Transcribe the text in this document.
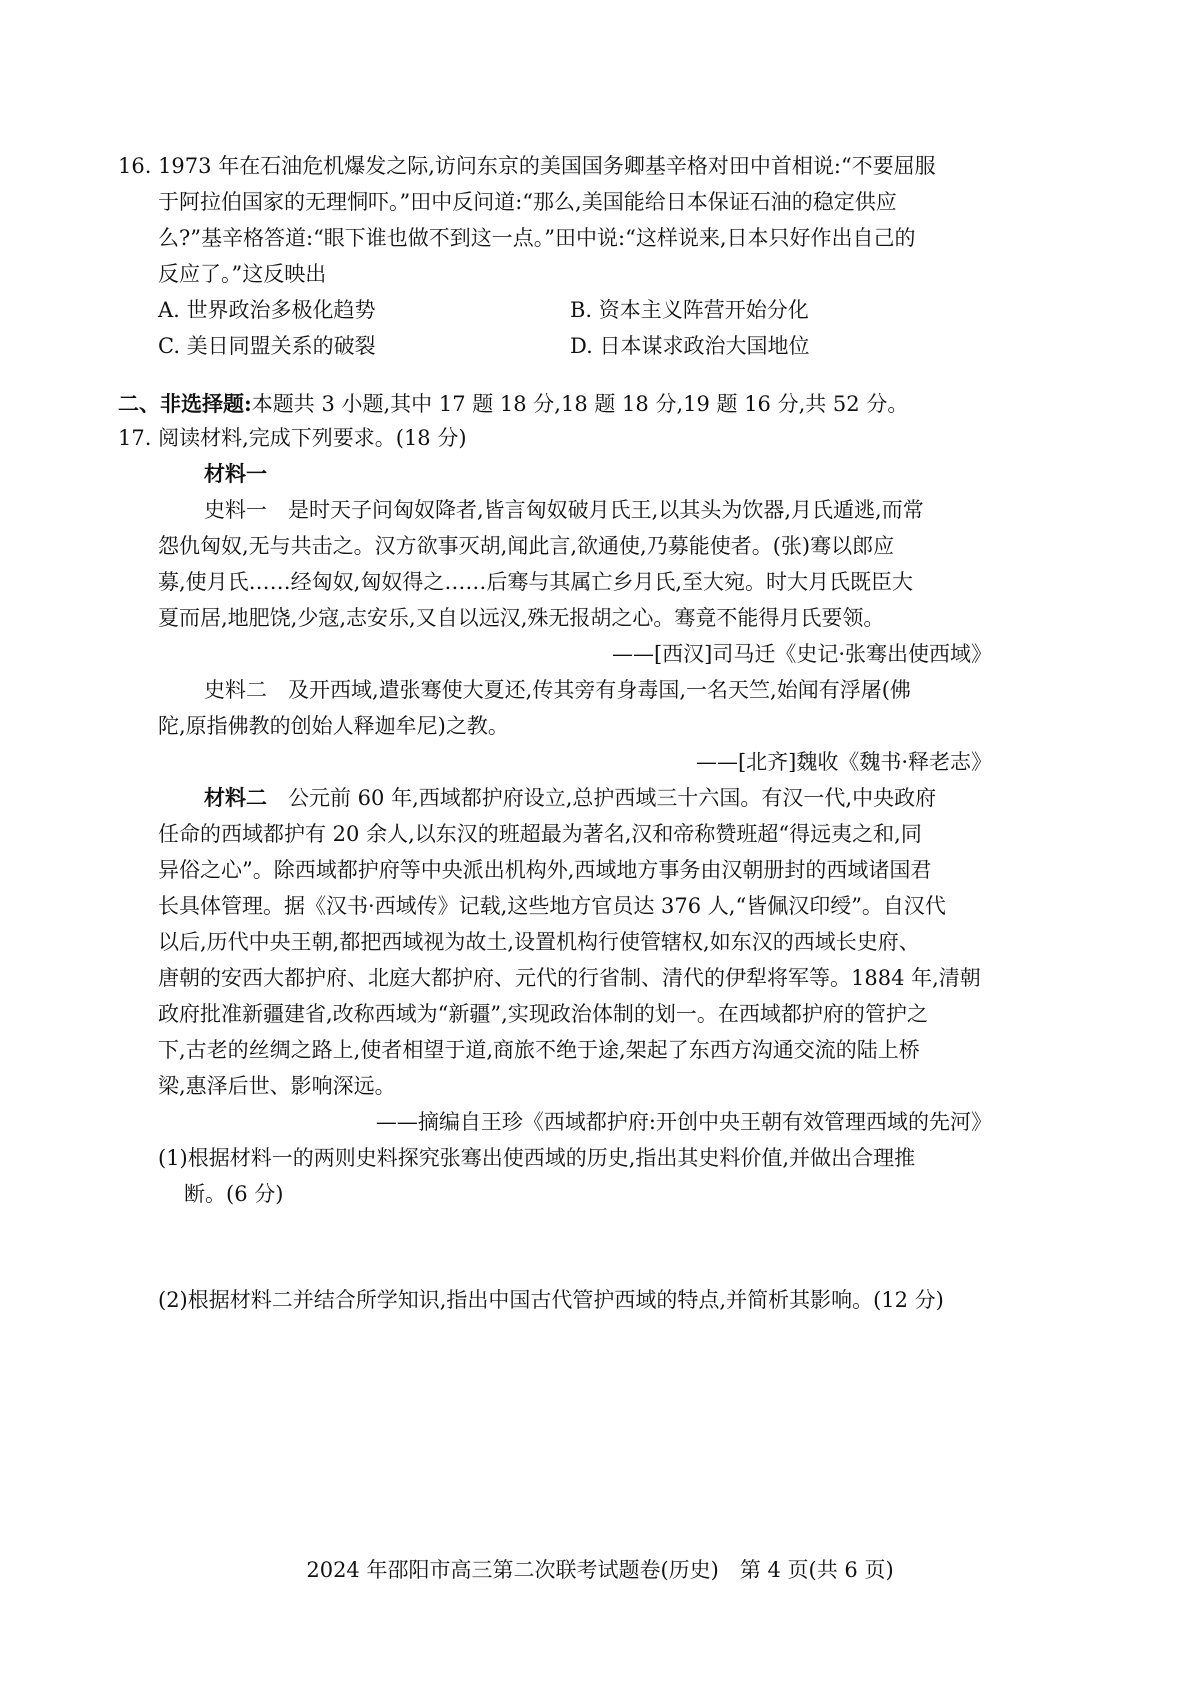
16. 1973 年在石油危机爆发之际,访问东京的美国国务卿基辛格对田中首相说:“不要屈服
于阿拉伯国家的无理恫吓。”田中反问道:“那么,美国能给日本保证石油的稳定供应
么?”基辛格答道:“眼下谁也做不到这一点。”田中说:“这样说来,日本只好作出自己的
反应了。”这反映出
A. 世界政治多极化趋势	B. 资本主义阵营开始分化
C. 美日同盟关系的破裂	D. 日本谋求政治大国地位
二、非选择题:本题共 3 小题,其中 17 题 18 分,18 题 18 分,19 题 16 分,共 52 分。
17. 阅读材料,完成下列要求。(18 分)
材料一
史料一　是时天子问匈奴降者,皆言匈奴破月氏王,以其头为饮器,月氏遁逃,而常
怨仇匈奴,无与共击之。汉方欲事灭胡,闻此言,欲通使,乃募能使者。(张)骞以郎应
募,使月氏……经匈奴,匈奴得之……后骞与其属亡乡月氏,至大宛。时大月氏既臣大
夏而居,地肥饶,少寇,志安乐,又自以远汉,殊无报胡之心。骞竟不能得月氏要领。
——[西汉]司马迁《史记·张骞出使西域》
史料二　及开西域,遣张骞使大夏还,传其旁有身毒国,一名天竺,始闻有浮屠(佛
陀,原指佛教的创始人释迦牟尼)之教。
——[北齐]魏收《魏书·释老志》
材料二 公元前 60 年,西域都护府设立,总护西域三十六国。有汉一代,中央政府
任命的西域都护有 20 余人,以东汉的班超最为著名,汉和帝称赞班超“得远夷之和,同
异俗之心”。除西域都护府等中央派出机构外,西域地方事务由汉朝册封的西域诸国君
长具体管理。据《汉书·西域传》记载,这些地方官员达 376 人,“皆佩汉印绶”。自汉代
以后,历代中央王朝,都把西域视为故土,设置机构行使管辖权,如东汉的西域长史府、
唐朝的安西大都护府、北庭大都护府、元代的行省制、清代的伊犁将军等。1884 年,清朝
政府批准新疆建省,改称西域为“新疆”,实现政治体制的划一。在西域都护府的管护之
下,古老的丝绸之路上,使者相望于道,商旅不绝于途,架起了东西方沟通交流的陆上桥
梁,惠泽后世、影响深远。
——摘编自王珍《西域都护府:开创中央王朝有效管理西域的先河》
(1)根据材料一的两则史料探究张骞出使西域的历史,指出其史料价值,并做出合理推
断。(6 分)
(2)根据材料二并结合所学知识,指出中国古代管护西域的特点,并简析其影响。(12 分)
2024 年邵阳市高三第二次联考试题卷(历史)　第 4 页(共 6 页)
